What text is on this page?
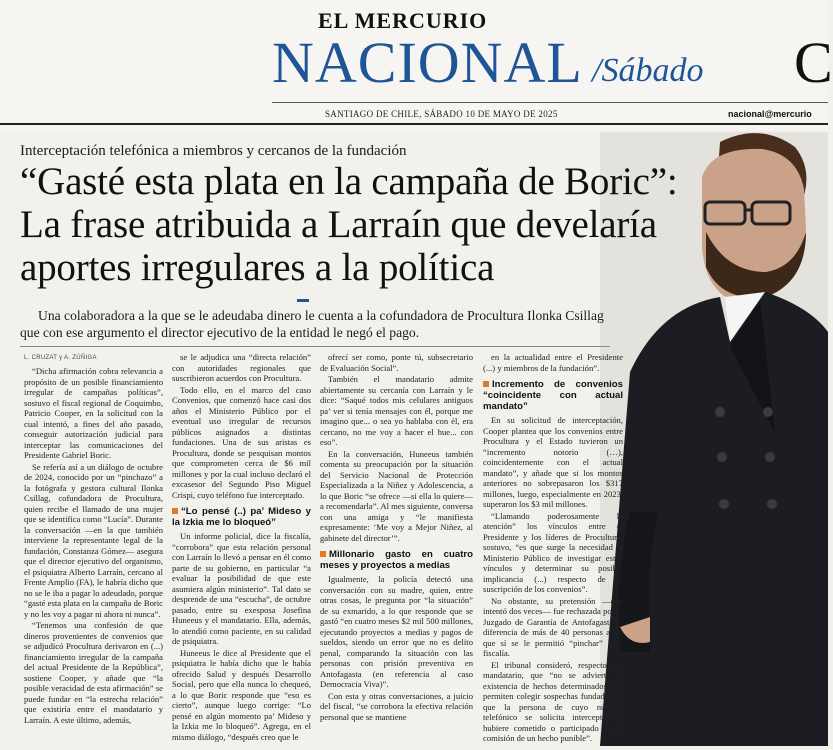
EL MERCURIO
NACIONAL /Sábado C
SANTIAGO DE CHILE, SÁBADO 10 DE MAYO DE 2025	nacional@mercurio
Interceptación telefónica a miembros y cercanos de la fundación
“Gasté esta plata en la campaña de Boric”: La frase atribuida a Larraín que develaría aportes irregulares a la política
Una colaboradora a la que se le adeudaba dinero le cuenta a la cofundadora de Procultura Ilonka Csillag que con ese argumento el director ejecutivo de la entidad le negó el pago.
L. CRUZAT y A. ZÚÑIGA

“Dicha afirmación cobra relevancia a propósito de un posible financiamiento irregular de campañas políticas”, sostuvo el fiscal regional de Coquimbo, Patricio Cooper, en la solicitud con la cual intentó, a fines del año pasado, conseguir autorización judicial para interceptar las comunicaciones del Presidente Gabriel Boric.

Se refería así a un diálogo de octubre de 2024, conocido por un “pinchazo” a la fotógrafa y gestora cultural Ilonka Csillag, cofundadora de Procultura, quien recibe el llamado de una mujer que se identifica como “Lucía”. Durante la conversación —en la que también interviene la representante legal de la fundación, Constanza Gómez— asegura que el director ejecutivo del organismo, el psiquiatra Alberto Larraín, cercano al Frente Amplio (FA), le habría dicho que no se le iba a pagar lo adeudado, porque “gasté esta plata en la campaña de Boric y no les voy a pagar ni ahora ni nunca”.

“Tenemos una confesión de que dineros provenientes de convenios que se adjudicó Procultura derivaron en (...) financiamiento irregular de la campaña del actual Presidente de la República”, sostiene Cooper, y añade que “la posible veracidad de esta afirmación” se puede fundar en “la estrecha relación” que existiría entre el mandatario y Larraín. A este último, además,

se le adjudica una “directa relación” con autoridades regionales que suscribieron acuerdos con Procultura.

Todo ello, en el marco del caso Convenios, que comenzó hace casi dos años el Ministerio Público por el eventual uso irregular de recursos públicos asignados a distintas fundaciones. Una de sus aristas es Procultura, donde se pesquisan montos que comprometen cerca de $6 mil millones y por la cual incluso declaró el excasesor del Segundo Piso Miguel Crispi, cuyo teléfono fue interceptado.

“Lo pensé (..) pa’ Mideso y la Izkia me lo bloqueó”

Un informe policial, dice la fiscalía, “corrobora” que esta relación personal con Larraín lo llevó a pensar en él como parte de su gobierno, en particular “a evaluar la posibilidad de que este asumiera algún ministerio”. Tal dato se desprende de una “escucha”, de octubre pasado, entre su exesposa Josefina Huneeus y el mandatario. Ella, además, lo atendió como paciente, en su calidad de psiquiatra.

Huneeus le dice al Presidente que el psiquiatra le había dicho que le había ofrecido Salud y después Desarrollo Social, pero que ella nunca lo chequeó, a lo que Boric responde que “eso es cierto”, aunque luego corrige: “Lo pensé en algún momento pa’ Mideso y la Izkia me lo bloqueó”. Agrega, en el mismo diálogo, “después creo que le

ofrecí ser como, ponte tú, subsecretario de Evaluación Social”.

También el mandatario admite abiertamente su cercanía con Larraín y le dice: “Saqué todos mis celulares antiguos pa’ ver si tenía mensajes con él, porque me imagino que... o sea yo hablaba con él, era cercano, no me voy a hacer el hue... con eso”.

En la conversación, Huneeus también comenta su preocupación por la situación del Servicio Nacional de Protección Especializada a la Niñez y Adolescencia, a lo que Boric “se ofrece —si ella lo quiere— a recomendarla”. Al mes siguiente, conversa con una amiga y “le manifiesta expresamente: ‘Me voy a Mejor Niñez, al gabinete del director’”.

Millonario gasto en cuatro meses y proyectos a medias

Igualmente, la policía detectó una conversación con su madre, quien, entre otras cosas, le pregunta por “la situación” de su exmarido, a lo que responde que se gastó “en cuatro meses $2 mil 500 millones, ejecutando proyectos a medias y pagos de sueldos, siendo un error que no es delito penal, comparando la situación con las personas con prisión preventiva en Antofagasta (en referencia al caso Democracia Viva)”.

Con esta y otras conversaciones, a juicio del fiscal, “se corrobora la efectiva relación personal que se mantiene

en la actualidad entre el Presidente (...) y miembros de la fundación”.

Incremento de convenios “coincidente con actual mandato”

En su solicitud de interceptación, Cooper plantea que los convenios entre Procultura y el Estado tuvieron un “incremento notorio (…), coincidentemente con el actual mandato”, y añade que si los montos anteriores no sobrepasaron los $317 millones, luego, especialmente en 2023, superaron los $3 mil millones.

“Llamando poderosamente la atención” los vínculos entre el Presidente y los líderes de Procultura, sostuvo, “es que surge la necesidad al Ministerio Público de investigar estos vínculos y determinar su posible implicancia (...) respecto de la suscripción de los convenios”.

No obstante, su pretensión —que intentó dos veces— fue rechazada por el Juzgado de Garantía de Antofagasta, a diferencia de más de 40 personas a las que sí se le permitió “pinchar” a la fiscalía.

El tribunal consideró, respecto del mandatario, que “no se advierte la existencia de hechos determinados que permiten colegir sospechas fundadas de que la persona de cuyo número telefónico se solicita interceptación, hubiere cometido o participado en la comisión de un hecho punible”.
